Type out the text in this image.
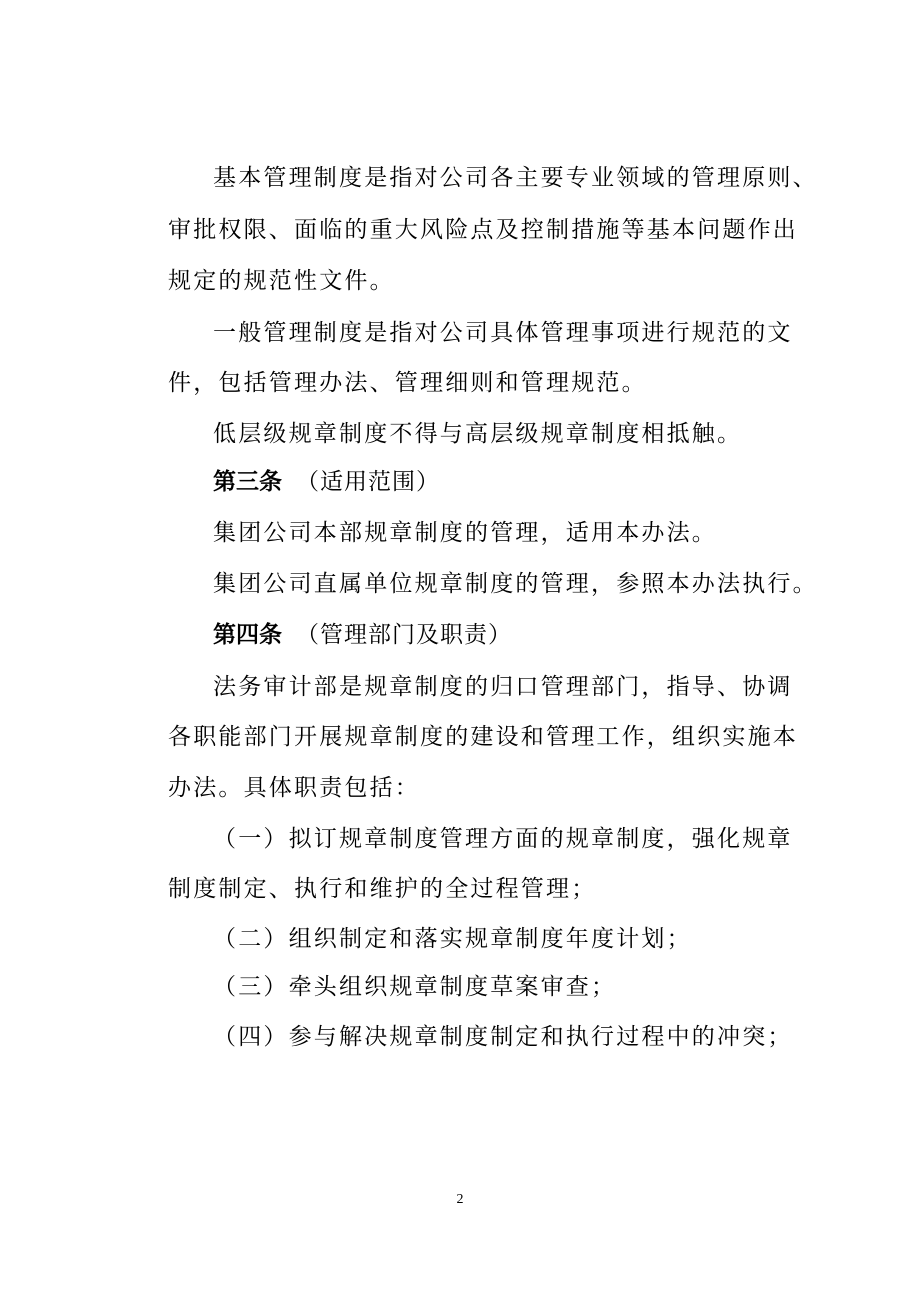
基本管理制度是指对公司各主要专业领域的管理原则、
审批权限、面临的重大风险点及控制措施等基本问题作出
规定的规范性文件。
一般管理制度是指对公司具体管理事项进行规范的文
件，包括管理办法、管理细则和管理规范。
低层级规章制度不得与高层级规章制度相抵触。
第三条 （适用范围）
集团公司本部规章制度的管理，适用本办法。
集团公司直属单位规章制度的管理，参照本办法执行。
第四条 （管理部门及职责）
法务审计部是规章制度的归口管理部门，指导、协调
各职能部门开展规章制度的建设和管理工作，组织实施本
办法。具体职责包括：
（一）拟订规章制度管理方面的规章制度，强化规章
制度制定、执行和维护的全过程管理；
（二）组织制定和落实规章制度年度计划；
（三）牵头组织规章制度草案审查；
（四）参与解决规章制度制定和执行过程中的冲突；
2
